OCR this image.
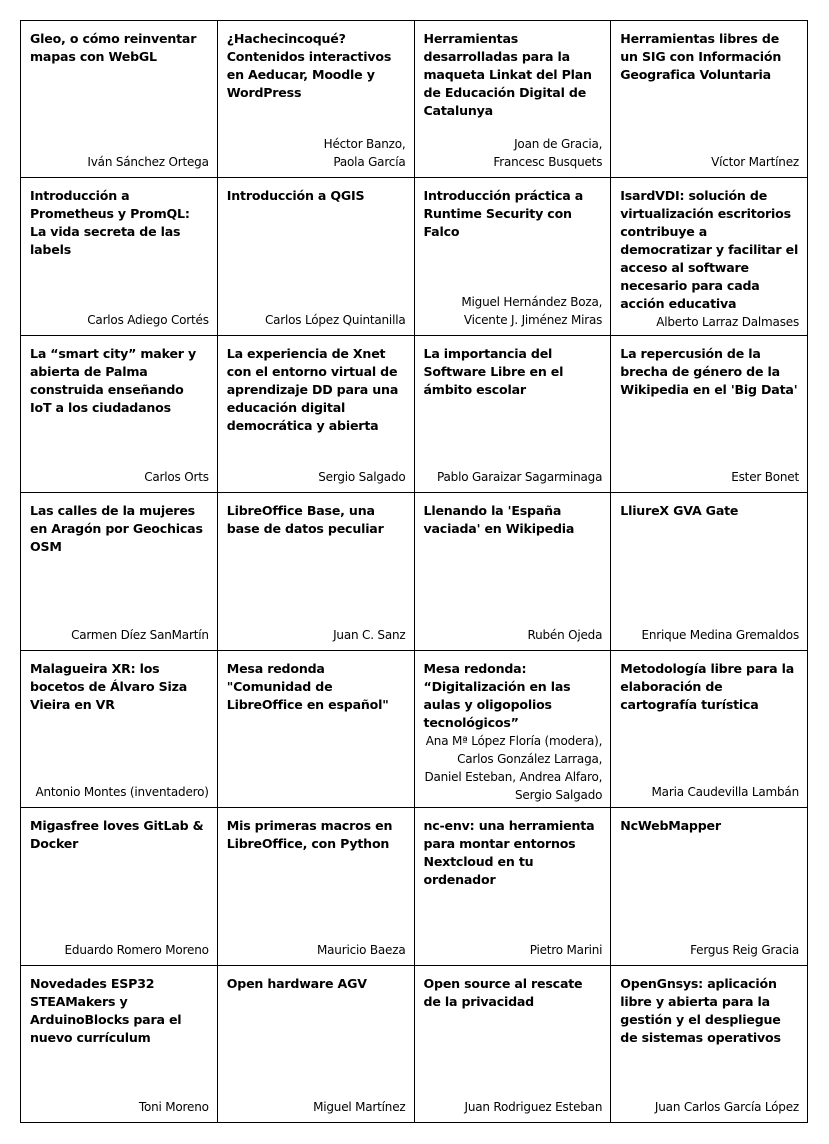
Gleo, o cómo reinventar mapas con WebGL
Iván Sánchez Ortega
¿Hachecincoqué? Contenidos interactivos en Aeducar, Moodle y WordPress
Héctor Banzo,
Paola García
Herramientas desarrolladas para la maqueta Linkat del Plan de Educación Digital de Catalunya
Joan de Gracia,
Francesc Busquets
Herramientas libres de un SIG con Información Geografica Voluntaria
Víctor Martínez
Introducción a Prometheus y PromQL: La vida secreta de las labels
Carlos Adiego Cortés
Introducción a QGIS
Carlos López Quintanilla
Introducción práctica a Runtime Security con Falco
Miguel Hernández Boza,
Vicente J. Jiménez Miras
IsardVDI: solución de virtualización escritorios contribuye a democratizar y facilitar el acceso al software necesario para cada acción educativa
Alberto Larraz Dalmases
La “smart city” maker y abierta de Palma construida enseñando IoT a los ciudadanos
Carlos Orts
La experiencia de Xnet con el entorno virtual de aprendizaje DD para una educación digital democrática y abierta
Sergio Salgado
La importancia del Software Libre en el ámbito escolar
Pablo Garaizar Sagarminaga
La repercusión de la brecha de género de la Wikipedia en el 'Big Data'
Ester Bonet
Las calles de la mujeres en Aragón por Geochicas OSM
Carmen Díez SanMartín
LibreOffice Base, una base de datos peculiar
Juan C. Sanz
Llenando la 'España vaciada' en Wikipedia
Rubén Ojeda
LliureX GVA Gate
Enrique Medina Gremaldos
Malagueira XR: los bocetos de Álvaro Siza Vieira en VR
Antonio Montes (inventadero)
Mesa redonda "Comunidad de LibreOffice en español"
Mesa redonda: “Digitalización en las aulas y oligopolios tecnológicos”
Ana Mª López Floría (modera),
Carlos González Larraga,
Daniel Esteban, Andrea Alfaro,
Sergio Salgado
Metodología libre para la elaboración de cartografía turística
Maria Caudevilla Lambán
Migasfree loves GitLab & Docker
Eduardo Romero Moreno
Mis primeras macros en LibreOffice, con Python
Mauricio Baeza
nc-env: una herramienta para montar entornos Nextcloud en tu ordenador
Pietro Marini
NcWebMapper
Fergus Reig Gracia
Novedades ESP32 STEAMakers y ArduinoBlocks para el nuevo currículum
Toni Moreno
Open hardware AGV
Miguel Martínez
Open source al rescate de la privacidad
Juan Rodriguez Esteban
OpenGnsys: aplicación libre y abierta para la gestión y el despliegue de sistemas operativos
Juan Carlos García López
